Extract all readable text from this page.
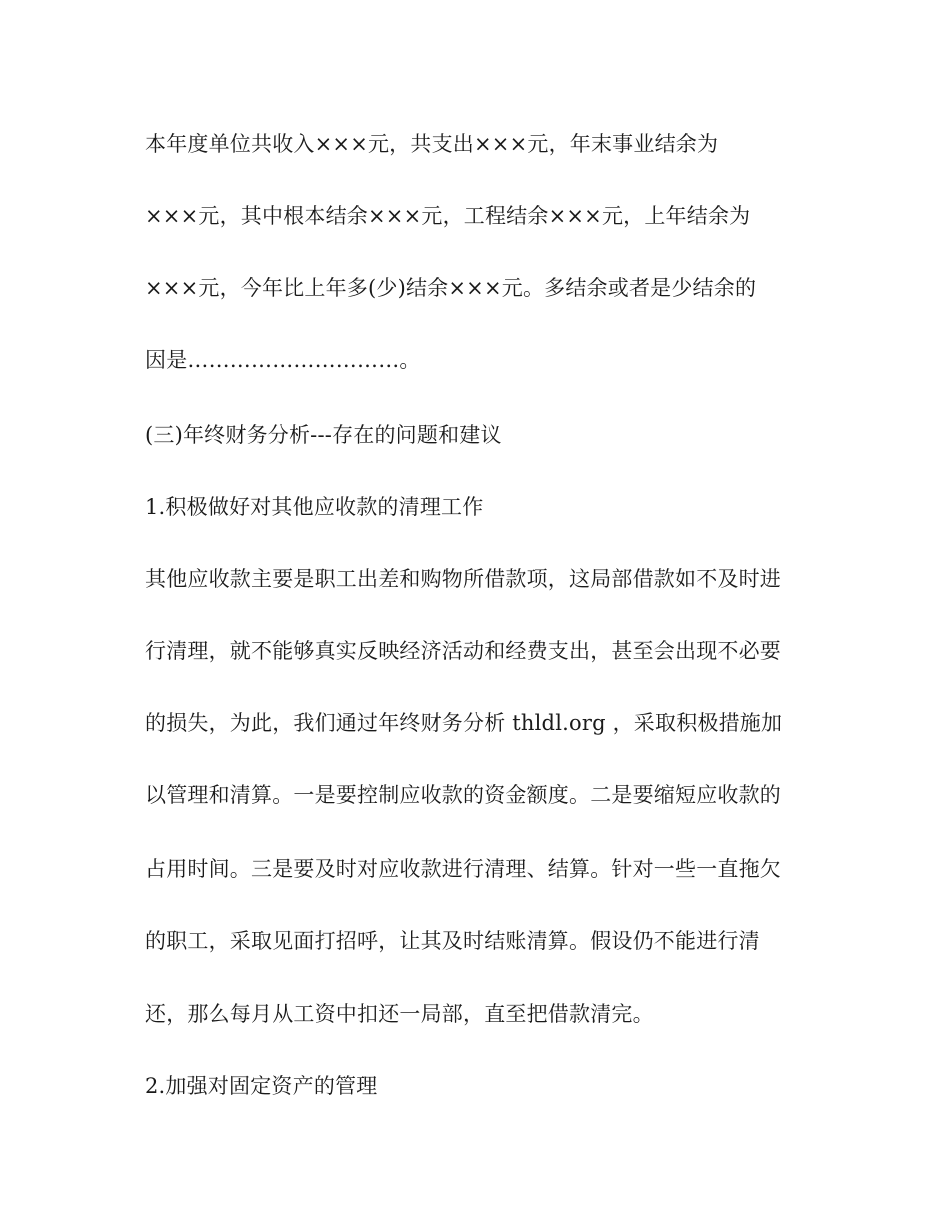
本年度单位共收入×××元，共支出×××元，年末事业结余为
×××元，其中根本结余×××元，工程结余×××元，上年结余为
×××元，今年比上年多(少)结余×××元。多结余或者是少结余的
因是…………………………。
(三)年终财务分析---存在的问题和建议
1.积极做好对其他应收款的清理工作
其他应收款主要是职工出差和购物所借款项，这局部借款如不及时进
行清理，就不能够真实反映经济活动和经费支出，甚至会出现不必要
的损失，为此，我们通过年终财务分析 thldl.org ，采取积极措施加
以管理和清算。一是要控制应收款的资金额度。二是要缩短应收款的
占用时间。三是要及时对应收款进行清理、结算。针对一些一直拖欠
的职工，采取见面打招呼，让其及时结账清算。假设仍不能进行清
还，那么每月从工资中扣还一局部，直至把借款清完。
2.加强对固定资产的管理
